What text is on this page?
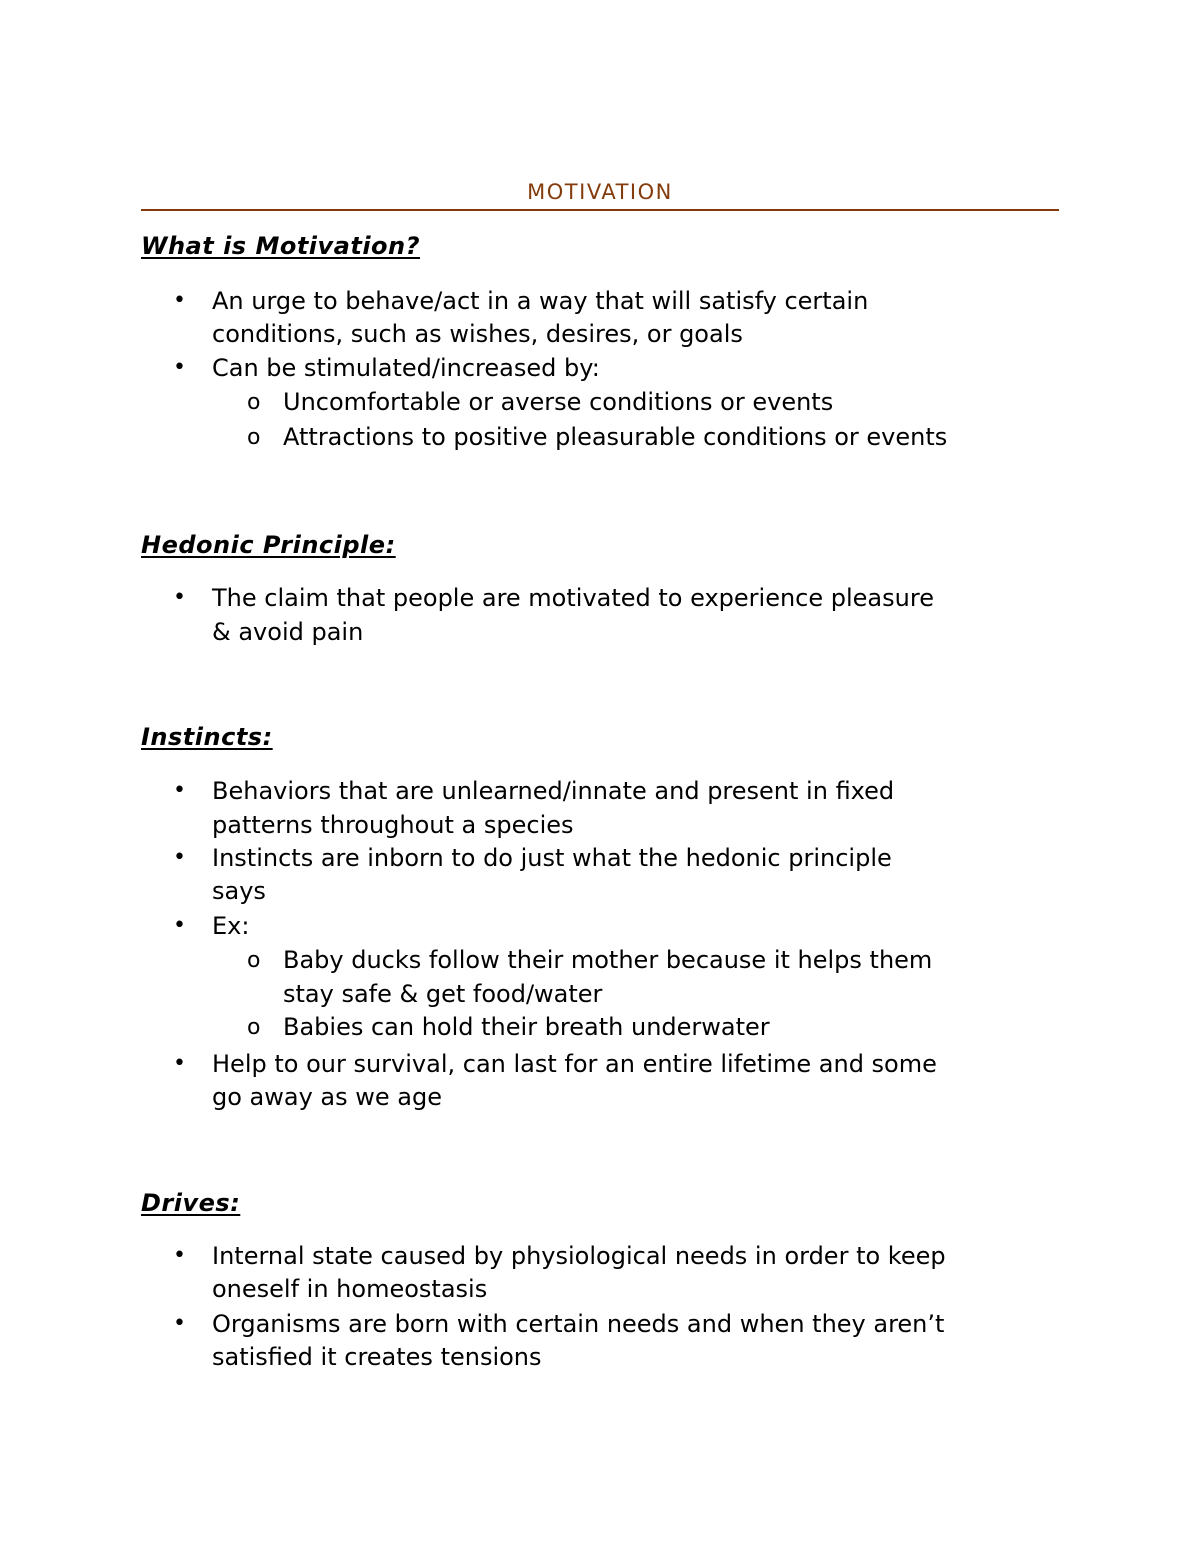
MOTIVATION
What is Motivation?
• An urge to behave/act in a way that will satisfy certain
conditions, such as wishes, desires, or goals
• Can be stimulated/increased by:
o Uncomfortable or averse conditions or events
o Attractions to positive pleasurable conditions or events
Hedonic Principle:
• The claim that people are motivated to experience pleasure
& avoid pain
Instincts:
• Behaviors that are unlearned/innate and present in fixed
patterns throughout a species
• Instincts are inborn to do just what the hedonic principle
says
• Ex:
o Baby ducks follow their mother because it helps them
stay safe & get food/water
o Babies can hold their breath underwater
• Help to our survival, can last for an entire lifetime and some
go away as we age
Drives:
• Internal state caused by physiological needs in order to keep
oneself in homeostasis
• Organisms are born with certain needs and when they aren’t
satisfied it creates tensions
